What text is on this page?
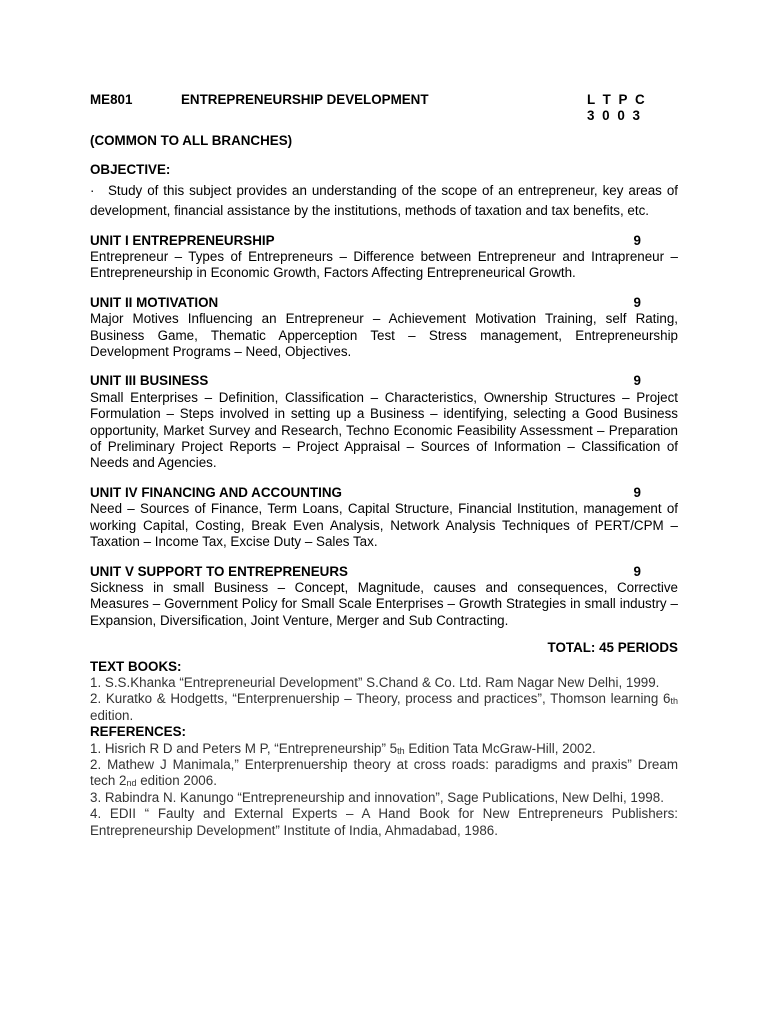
ME801	ENTREPRENEURSHIP DEVELOPMENT	L T P C
3 0 0 3
(COMMON TO ALL BRANCHES)
OBJECTIVE:
· Study of this subject provides an understanding of the scope of an entrepreneur, key areas of development, financial assistance by the institutions, methods of taxation and tax benefits, etc.
UNIT I ENTREPRENEURSHIP	9
Entrepreneur – Types of Entrepreneurs – Difference between Entrepreneur and Intrapreneur – Entrepreneurship in Economic Growth, Factors Affecting Entrepreneurical Growth.
UNIT II MOTIVATION	9
Major Motives Influencing an Entrepreneur – Achievement Motivation Training, self Rating, Business Game, Thematic Apperception Test – Stress management, Entrepreneurship Development Programs – Need, Objectives.
UNIT III BUSINESS	9
Small Enterprises – Definition, Classification – Characteristics, Ownership Structures – Project Formulation – Steps involved in setting up a Business – identifying, selecting a Good Business opportunity, Market Survey and Research, Techno Economic Feasibility Assessment – Preparation of Preliminary Project Reports – Project Appraisal – Sources of Information – Classification of Needs and Agencies.
UNIT IV FINANCING AND ACCOUNTING	9
Need – Sources of Finance, Term Loans, Capital Structure, Financial Institution, management of working Capital, Costing, Break Even Analysis, Network Analysis Techniques of PERT/CPM – Taxation – Income Tax, Excise Duty – Sales Tax.
UNIT V SUPPORT TO ENTREPRENEURS	9
Sickness in small Business – Concept, Magnitude, causes and consequences, Corrective Measures – Government Policy for Small Scale Enterprises – Growth Strategies in small industry – Expansion, Diversification, Joint Venture, Merger and Sub Contracting.
TOTAL: 45 PERIODS
TEXT BOOKS:
1. S.S.Khanka “Entrepreneurial Development” S.Chand & Co. Ltd. Ram Nagar New Delhi, 1999.
2. Kuratko & Hodgetts, “Enterprenuership – Theory, process and practices”, Thomson learning $6_{th}$ edition.
REFERENCES:
1. Hisrich R D and Peters M P, “Entrepreneurship” $5_{th}$ Edition Tata McGraw-Hill, 2002.
2. Mathew J Manimala,” Enterprenuership theory at cross roads: paradigms and praxis” Dream tech $2_{nd}$ edition 2006.
3. Rabindra N. Kanungo “Entrepreneurship and innovation”, Sage Publications, New Delhi, 1998.
4. EDII “ Faulty and External Experts – A Hand Book for New Entrepreneurs Publishers: Entrepreneurship Development” Institute of India, Ahmadabad, 1986.
